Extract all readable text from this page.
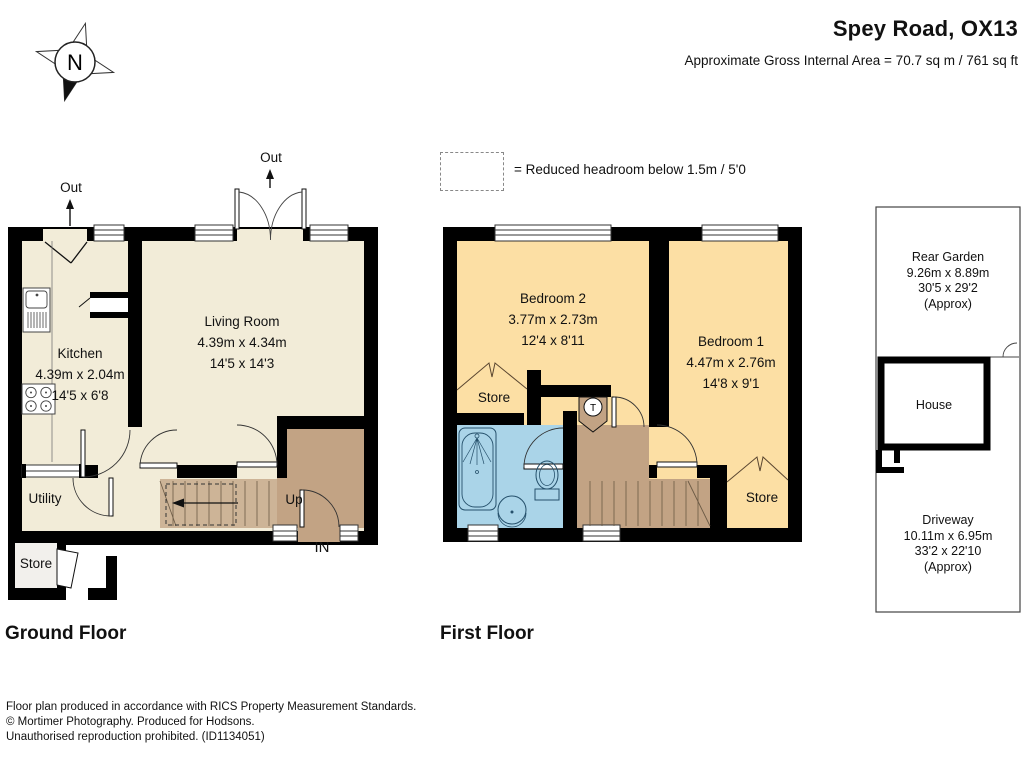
N
T
Spey Road, OX13
Approximate Gross Internal Area = 70.7 sq m / 761 sq ft
= Reduced headroom below 1.5m / 5'0
Kitchen
4.39m x 2.04m
14'5 x 6'8
Living Room
4.39m x 4.34m
14'5 x 14'3
Utility
Store
Up
IN
Out
Out
Bedroom 2
3.77m x 2.73m
12'4 x 8'11	Bedroom 1
4.47m x 2.76m
14'8 x 9'1
Store
Store
Rear Garden
9.26m x 8.89m
30'5 x 29'2
(Approx)
House
Driveway
10.11m x 6.95m
33'2 x 22'10
(Approx)
Ground Floor	First Floor
Floor plan produced in accordance with RICS Property Measurement Standards.
© Mortimer Photography. Produced for Hodsons.
Unauthorised reproduction prohibited. (ID1134051)
